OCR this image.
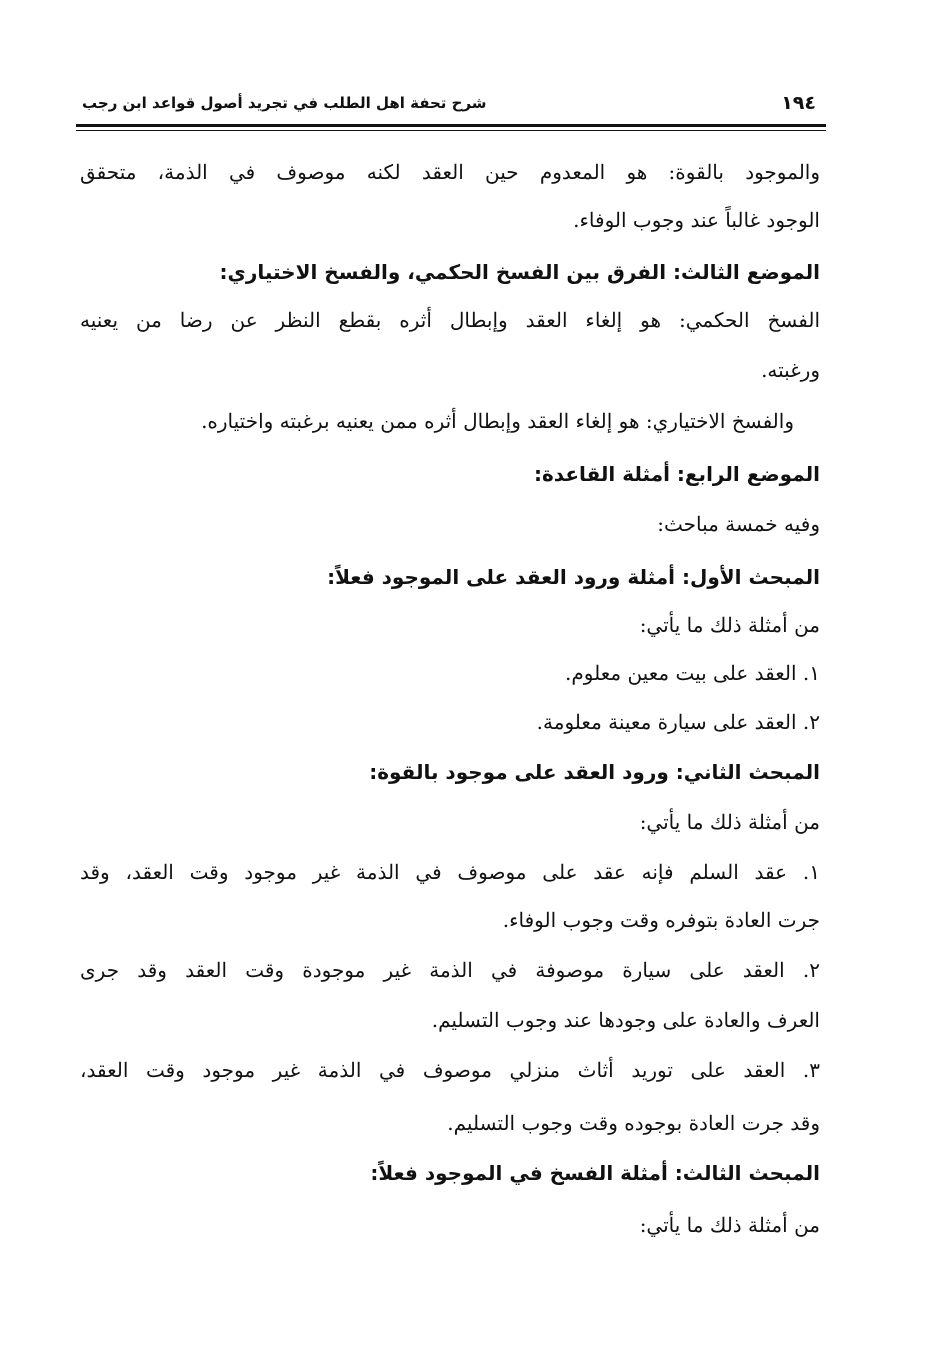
١٩٤
شرح تحفة اهل الطلب في تجريد أصول قواعد ابن رجب

والموجود بالقوة: هو المعدوم حين العقد لكنه موصوف في الذمة، متحقق

الوجود غالباً عند وجوب الوفاء.

الموضع الثالث: الفرق بين الفسخ الحكمي، والفسخ الاختياري:

الفسخ الحكمي: هو إلغاء العقد وإبطال أثره بقطع النظر عن رضا من يعنيه

ورغبته.

والفسخ الاختياري: هو إلغاء العقد وإبطال أثره ممن يعنيه برغبته واختياره.

الموضع الرابع: أمثلة القاعدة:

وفيه خمسة مباحث:

المبحث الأول: أمثلة ورود العقد على الموجود فعلاً:

من أمثلة ذلك ما يأتي:

١. العقد على بيت معين معلوم.

٢. العقد على سيارة معينة معلومة.

المبحث الثاني: ورود العقد على موجود بالقوة:

من أمثلة ذلك ما يأتي:

١. عقد السلم فإنه عقد على موصوف في الذمة غير موجود وقت العقد، وقد

جرت العادة بتوفره وقت وجوب الوفاء.

٢. العقد على سيارة موصوفة في الذمة غير موجودة وقت العقد وقد جرى

العرف والعادة على وجودها عند وجوب التسليم.

٣. العقد على توريد أثاث منزلي موصوف في الذمة غير موجود وقت العقد،

وقد جرت العادة بوجوده وقت وجوب التسليم.

المبحث الثالث: أمثلة الفسخ في الموجود فعلاً:

من أمثلة ذلك ما يأتي:
